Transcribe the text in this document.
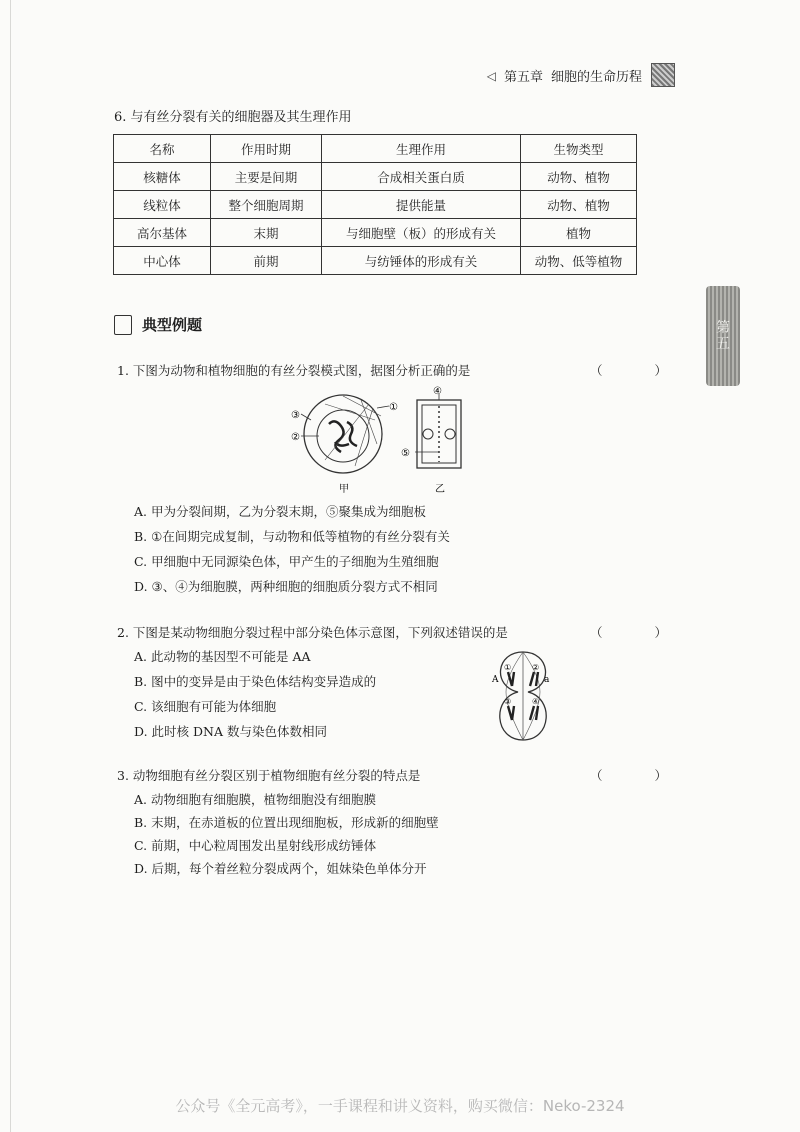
◁ 第五章 细胞的生命历程
第
五
6. 与有丝分裂有关的细胞器及其生理作用
名称	作用时期	生理作用	生物类型
核糖体	主要是间期	合成相关蛋白质	动物、植物
线粒体	整个细胞周期	提供能量	动物、植物
高尔基体	末期	与细胞壁（板）的形成有关	植物
中心体	前期	与纺锤体的形成有关	动物、低等植物
典型例题
1. 下图为动物和植物细胞的有丝分裂模式图，据图分析正确的是	（ ）
③
②
①
甲
④
⑤
乙
A. 甲为分裂间期，乙为分裂末期，⑤聚集成为细胞板
B. ①在间期完成复制，与动物和低等植物的有丝分裂有关
C. 甲细胞中无同源染色体，甲产生的子细胞为生殖细胞
D. ③、④为细胞膜，两种细胞的细胞质分裂方式不相同
2. 下图是某动物细胞分裂过程中部分染色体示意图，下列叙述错误的是	（ ）
A	a
①	②
③	④
A. 此动物的基因型不可能是 AA
B. 图中的变异是由于染色体结构变异造成的
C. 该细胞有可能为体细胞
D. 此时核 DNA 数与染色体数相同
3. 动物细胞有丝分裂区别于植物细胞有丝分裂的特点是	（ ）
A. 动物细胞有细胞膜，植物细胞没有细胞膜
B. 末期，在赤道板的位置出现细胞板，形成新的细胞壁
C. 前期，中心粒周围发出星射线形成纺锤体
D. 后期，每个着丝粒分裂成两个，姐妹染色单体分开
公众号《全元高考》，一手课程和讲义资料，购买微信：Neko-2324
